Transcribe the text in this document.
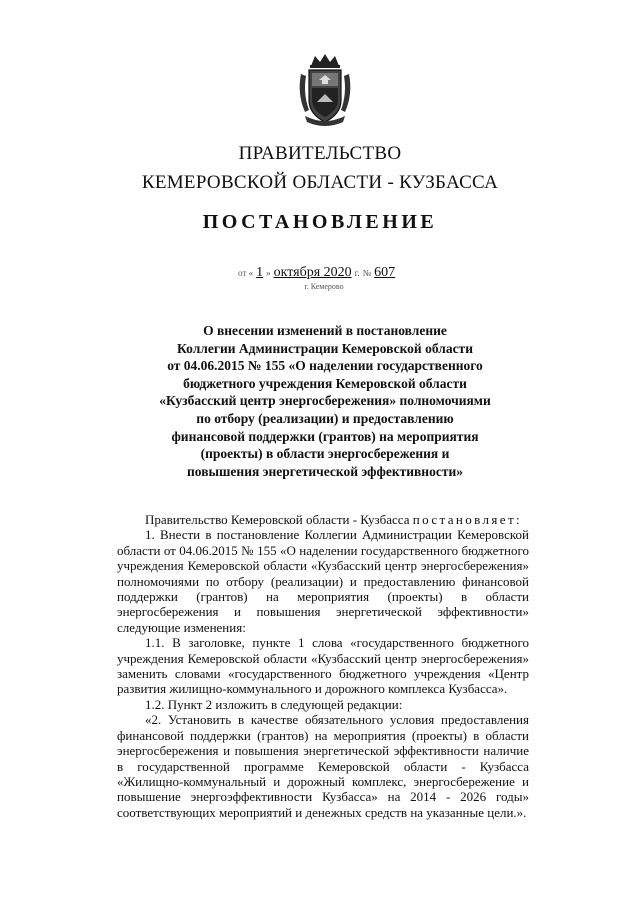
ПРАВИТЕЛЬСТВО
КЕМЕРОВСКОЙ ОБЛАСТИ - КУЗБАССА
ПОСТАНОВЛЕНИЕ
от « 1 » октября 2020 г. № 607
г. Кемерово
О внесении изменений в постановление
Коллегии Администрации Кемеровской области
от 04.06.2015 № 155 «О наделении государственного
бюджетного учреждения Кемеровской области
«Кузбасский центр энергосбережения» полномочиями
по отбору (реализации) и предоставлению
финансовой поддержки (грантов) на мероприятия
(проекты) в области энергосбережения и
повышения энергетической эффективности»

Правительство Кемеровской области - Кузбасса постановляет:

1. Внести в постановление Коллегии Администрации Кемеровской области от 04.06.2015 № 155 «О наделении государственного бюджетного учреждения Кемеровской области «Кузбасский центр энергосбережения» полномочиями по отбору (реализации) и предоставлению финансовой поддержки (грантов) на мероприятия (проекты) в области энергосбережения и повышения энергетической эффективности» следующие изменения:

1.1. В заголовке, пункте 1 слова «государственного бюджетного учреждения Кемеровской области «Кузбасский центр энергосбережения» заменить словами «государственного бюджетного учреждения «Центр развития жилищно-коммунального и дорожного комплекса Кузбасса».

1.2. Пункт 2 изложить в следующей редакции:

«2. Установить в качестве обязательного условия предоставления финансовой поддержки (грантов) на мероприятия (проекты) в области энергосбережения и повышения энергетической эффективности наличие в государственной программе Кемеровской области - Кузбасса «Жилищно-коммунальный и дорожный комплекс, энергосбережение и повышение энергоэффективности Кузбасса» на 2014 - 2026 годы» соответствующих мероприятий и денежных средств на указанные цели.».
